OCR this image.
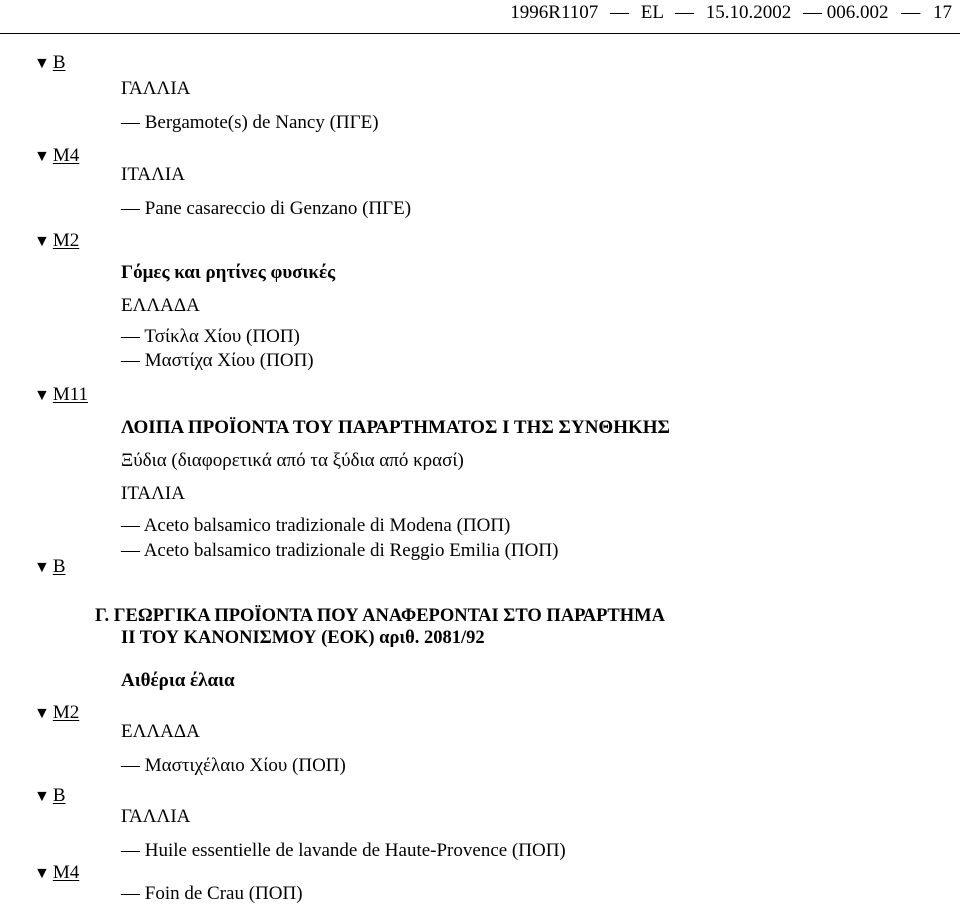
1996R1107 — EL — 15.10.2002 — 006.002 — 17
▼ B
▼ M4
▼ M2
▼ M11
▼ B
▼ M2
▼ B
▼ M4
ΓΑΛΛΙΑ
— Bergamote(s) de Nancy (ΠΓΕ)
ΙΤΑΛΙΑ
— Pane casareccio di Genzano (ΠΓΕ)
Γόμες και ρητίνες φυσικές
ΕΛΛΑΔΑ
— Τσίκλα Χίου (ΠΟΠ)
— Μαστίχα Χίου (ΠΟΠ)
ΛΟΙΠΑ ΠΡΟΪΟΝΤΑ ΤΟΥ ΠΑΡΑΡΤΗΜΑΤΟΣ Ι ΤΗΣ ΣΥΝΘΗΚΗΣ
Ξύδια (διαφορετικά από τα ξύδια από κρασί)
ΙΤΑΛΙΑ
— Aceto balsamico tradizionale di Modena (ΠΟΠ)
— Aceto balsamico tradizionale di Reggio Emilia (ΠΟΠ)
Γ. ΓΕΩΡΓΙΚΑ ΠΡΟΪΟΝΤΑ ΠΟΥ ΑΝΑΦΕΡΟΝΤΑΙ ΣΤΟ ΠΑΡΑΡΤΗΜΑ
ΙΙ ΤΟΥ ΚΑΝΟΝΙΣΜΟΥ (ΕΟΚ) αριθ. 2081/92
Αιθέρια έλαια
ΕΛΛΑΔΑ
— Μαστιχέλαιο Χίου (ΠΟΠ)
ΓΑΛΛΙΑ
— Huile essentielle de lavande de Haute-Provence (ΠΟΠ)
— Foin de Crau (ΠΟΠ)
